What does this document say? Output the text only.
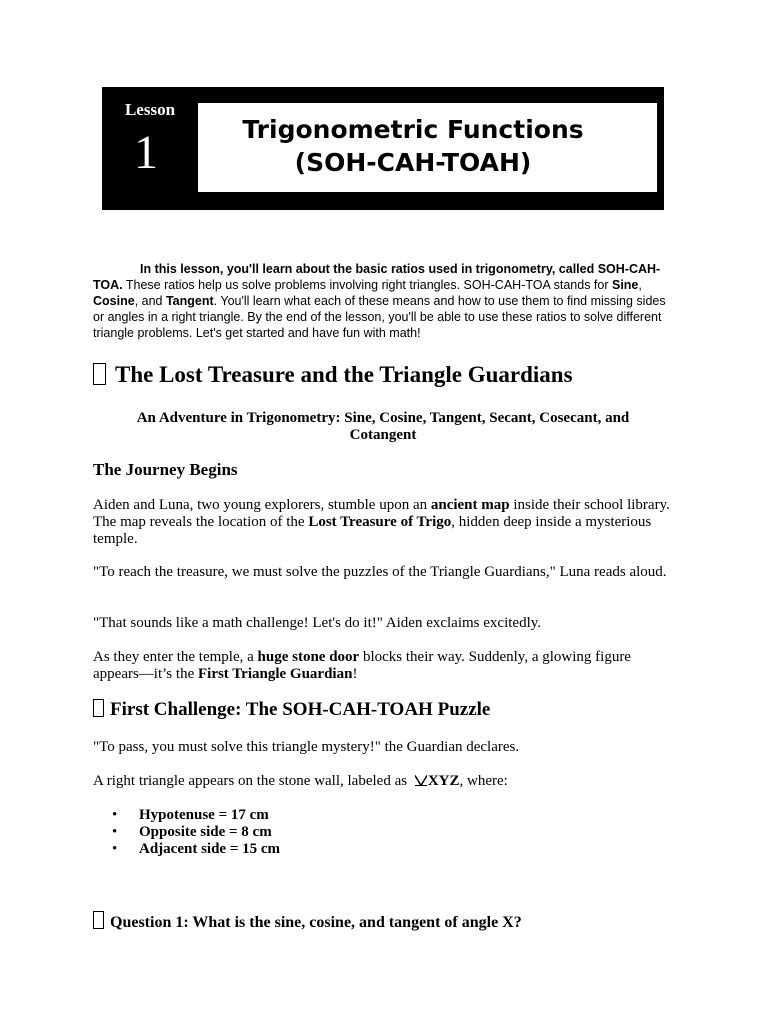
Lesson
1	Trigonometric Functions
(SOH-CAH-TOAH)
In this lesson, you'll learn about the basic ratios used in trigonometry, called SOH-CAH-TOA. These ratios help us solve problems involving right triangles. SOH-CAH-TOA stands for Sine, Cosine, and Tangent. You'll learn what each of these means and how to use them to find missing sides or angles in a right triangle. By the end of the lesson, you'll be able to use these ratios to solve different triangle problems. Let's get started and have fun with math!
The Lost Treasure and the Triangle Guardians
An Adventure in Trigonometry: Sine, Cosine, Tangent, Secant, Cosecant, and Cotangent
The Journey Begins

Aiden and Luna, two young explorers, stumble upon an ancient map inside their school library. The map reveals the location of the Lost Treasure of Trigo, hidden deep inside a mysterious temple.

"To reach the treasure, we must solve the puzzles of the Triangle Guardians," Luna reads aloud.

"That sounds like a math challenge! Let's do it!" Aiden exclaims excitedly.

As they enter the temple, a huge stone door blocks their way. Suddenly, a glowing figure appears—it’s the First Triangle Guardian!

First Challenge: The SOH-CAH-TOAH Puzzle

"To pass, you must solve this triangle mystery!" the Guardian declares.

A right triangle appears on the stone wall, labeled as XYZ, where:

• Hypotenuse = 17 cm
• Opposite side = 8 cm
• Adjacent side = 15 cm
Question 1: What is the sine, cosine, and tangent of angle X?
